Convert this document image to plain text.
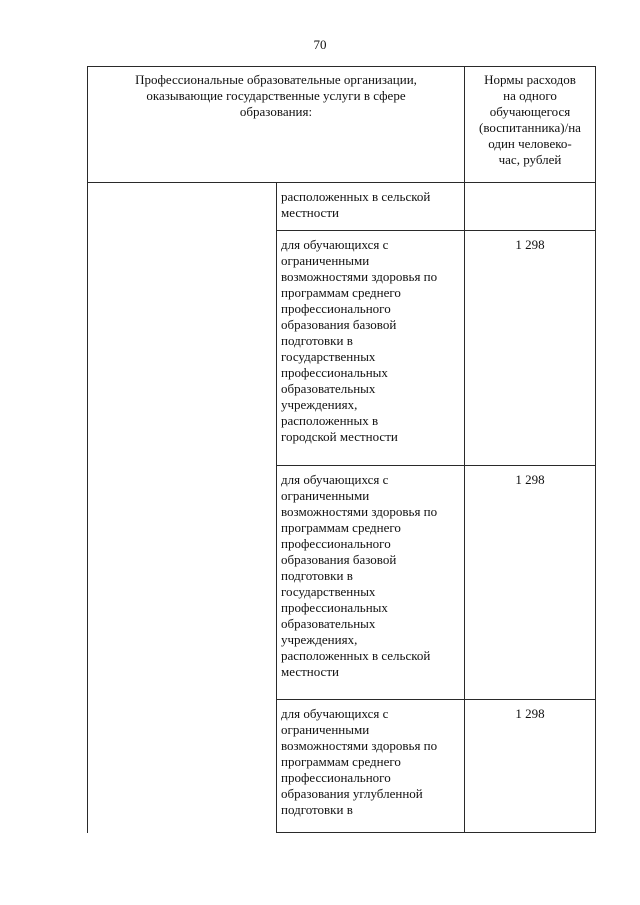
70
Профессиональные образовательные организации,
оказывающие государственные услуги в сфере
образования:
Нормы расходов
на одного
обучающегося
(воспитанника)/на
один человеко-
час, рублей
расположенных в сельской
местности
для обучающихся с
ограниченными
возможностями здоровья по
программам среднего
профессионального
образования базовой
подготовки в
государственных
профессиональных
образовательных
учреждениях,
расположенных в
городской местности
1 298
для обучающихся с
ограниченными
возможностями здоровья по
программам среднего
профессионального
образования базовой
подготовки в
государственных
профессиональных
образовательных
учреждениях,
расположенных в сельской
местности
1 298
для обучающихся с
ограниченными
возможностями здоровья по
программам среднего
профессионального
образования углубленной
подготовки в
1 298
